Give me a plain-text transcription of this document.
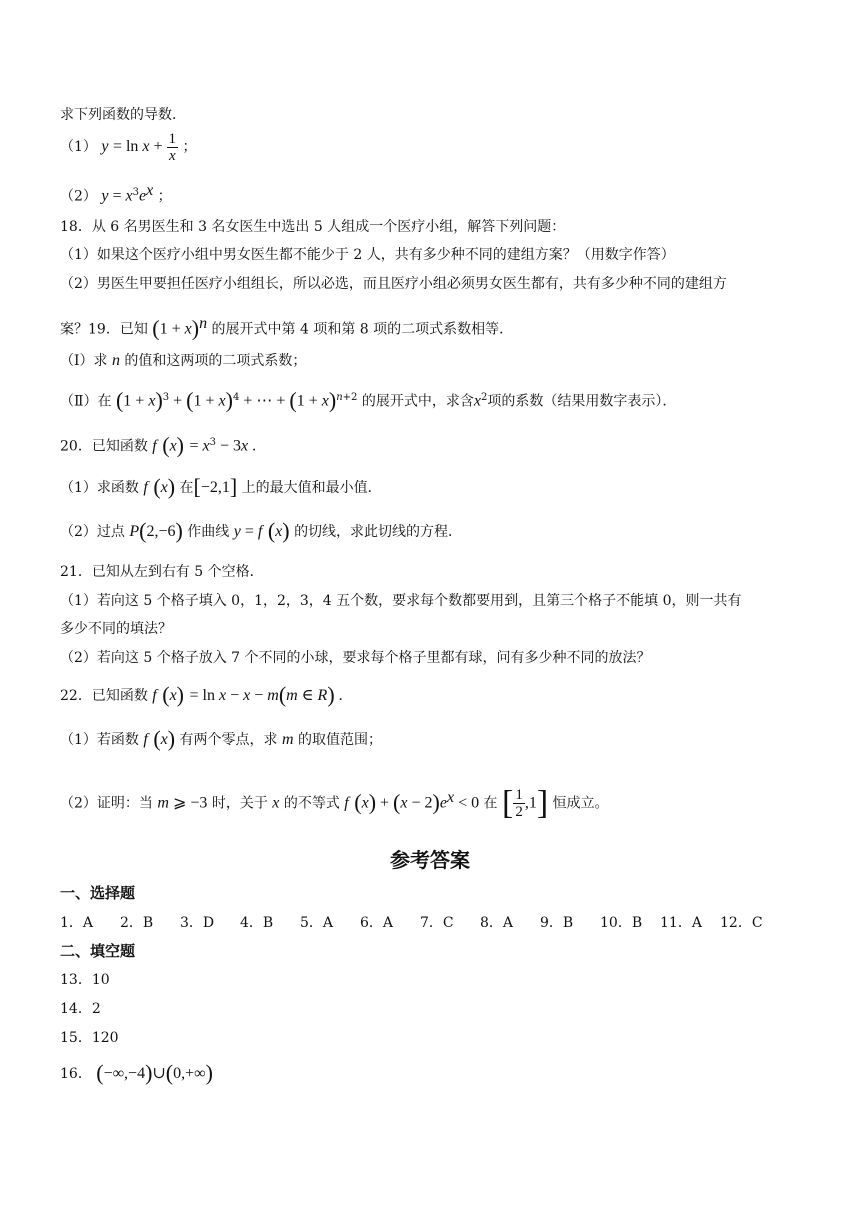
求下列函数的导数．
（1） $y = \ln x + \frac{1}{x}$ ；
（2） $y = x^3e^x$ ；
18．从 6 名男医生和 3 名女医生中选出 5 人组成一个医疗小组，解答下列问题：
（1）如果这个医疗小组中男女医生都不能少于 2 人，共有多少种不同的建组方案？（用数字作答）
（2）男医生甲要担任医疗小组组长，所以必选，而且医疗小组必须男女医生都有，共有多少种不同的建组方
案？19．已知 $(1 + x)^n$ 的展开式中第 4 项和第 8 项的二项式系数相等．
（Ⅰ）求 n 的值和这两项的二项式系数；
（Ⅱ）在 $(1 + x)^3 + (1 + x)^4$ + ⋯ + $(1 + x)^{n+2}$ 的展开式中，求含$x^2$项的系数（结果用数字表示）．
20．已知函数 f $(x) = x^3 - 3x$ .
（1）求函数 f (x) 在[−2,1] 上的最大值和最小值．
（2）过点 P(2,−6) 作曲线 y = f (x) 的切线，求此切线的方程．
21．已知从左到右有 5 个空格．
（1）若向这 5 个格子填入 0，1，2，3，4 五个数，要求每个数都要用到，且第三个格子不能填 0，则一共有
多少不同的填法？
（2）若向这 5 个格子放入 7 个不同的小球，要求每个格子里都有球，问有多少种不同的放法？
22．已知函数 f (x) = ln x − x − m(m ∈ R) .
（1）若函数 f (x) 有两个零点，求 m 的取值范围；
（2）证明：当 m ⩾ −3 时，关于 x 的不等式 f $(x) + (x - 2)e^x < 0$ 在 [ $\frac{1}{2} ,1$] 恒成立。
参考答案
一、选择题
1．A	2．B	3．D	4．B	5．A	6．A	7．C	8．A	9．B	10．B	11．A	12．C
二、填空题
13．10
14．2
15．120
16． (−∞,−4)∪(0,+∞)
